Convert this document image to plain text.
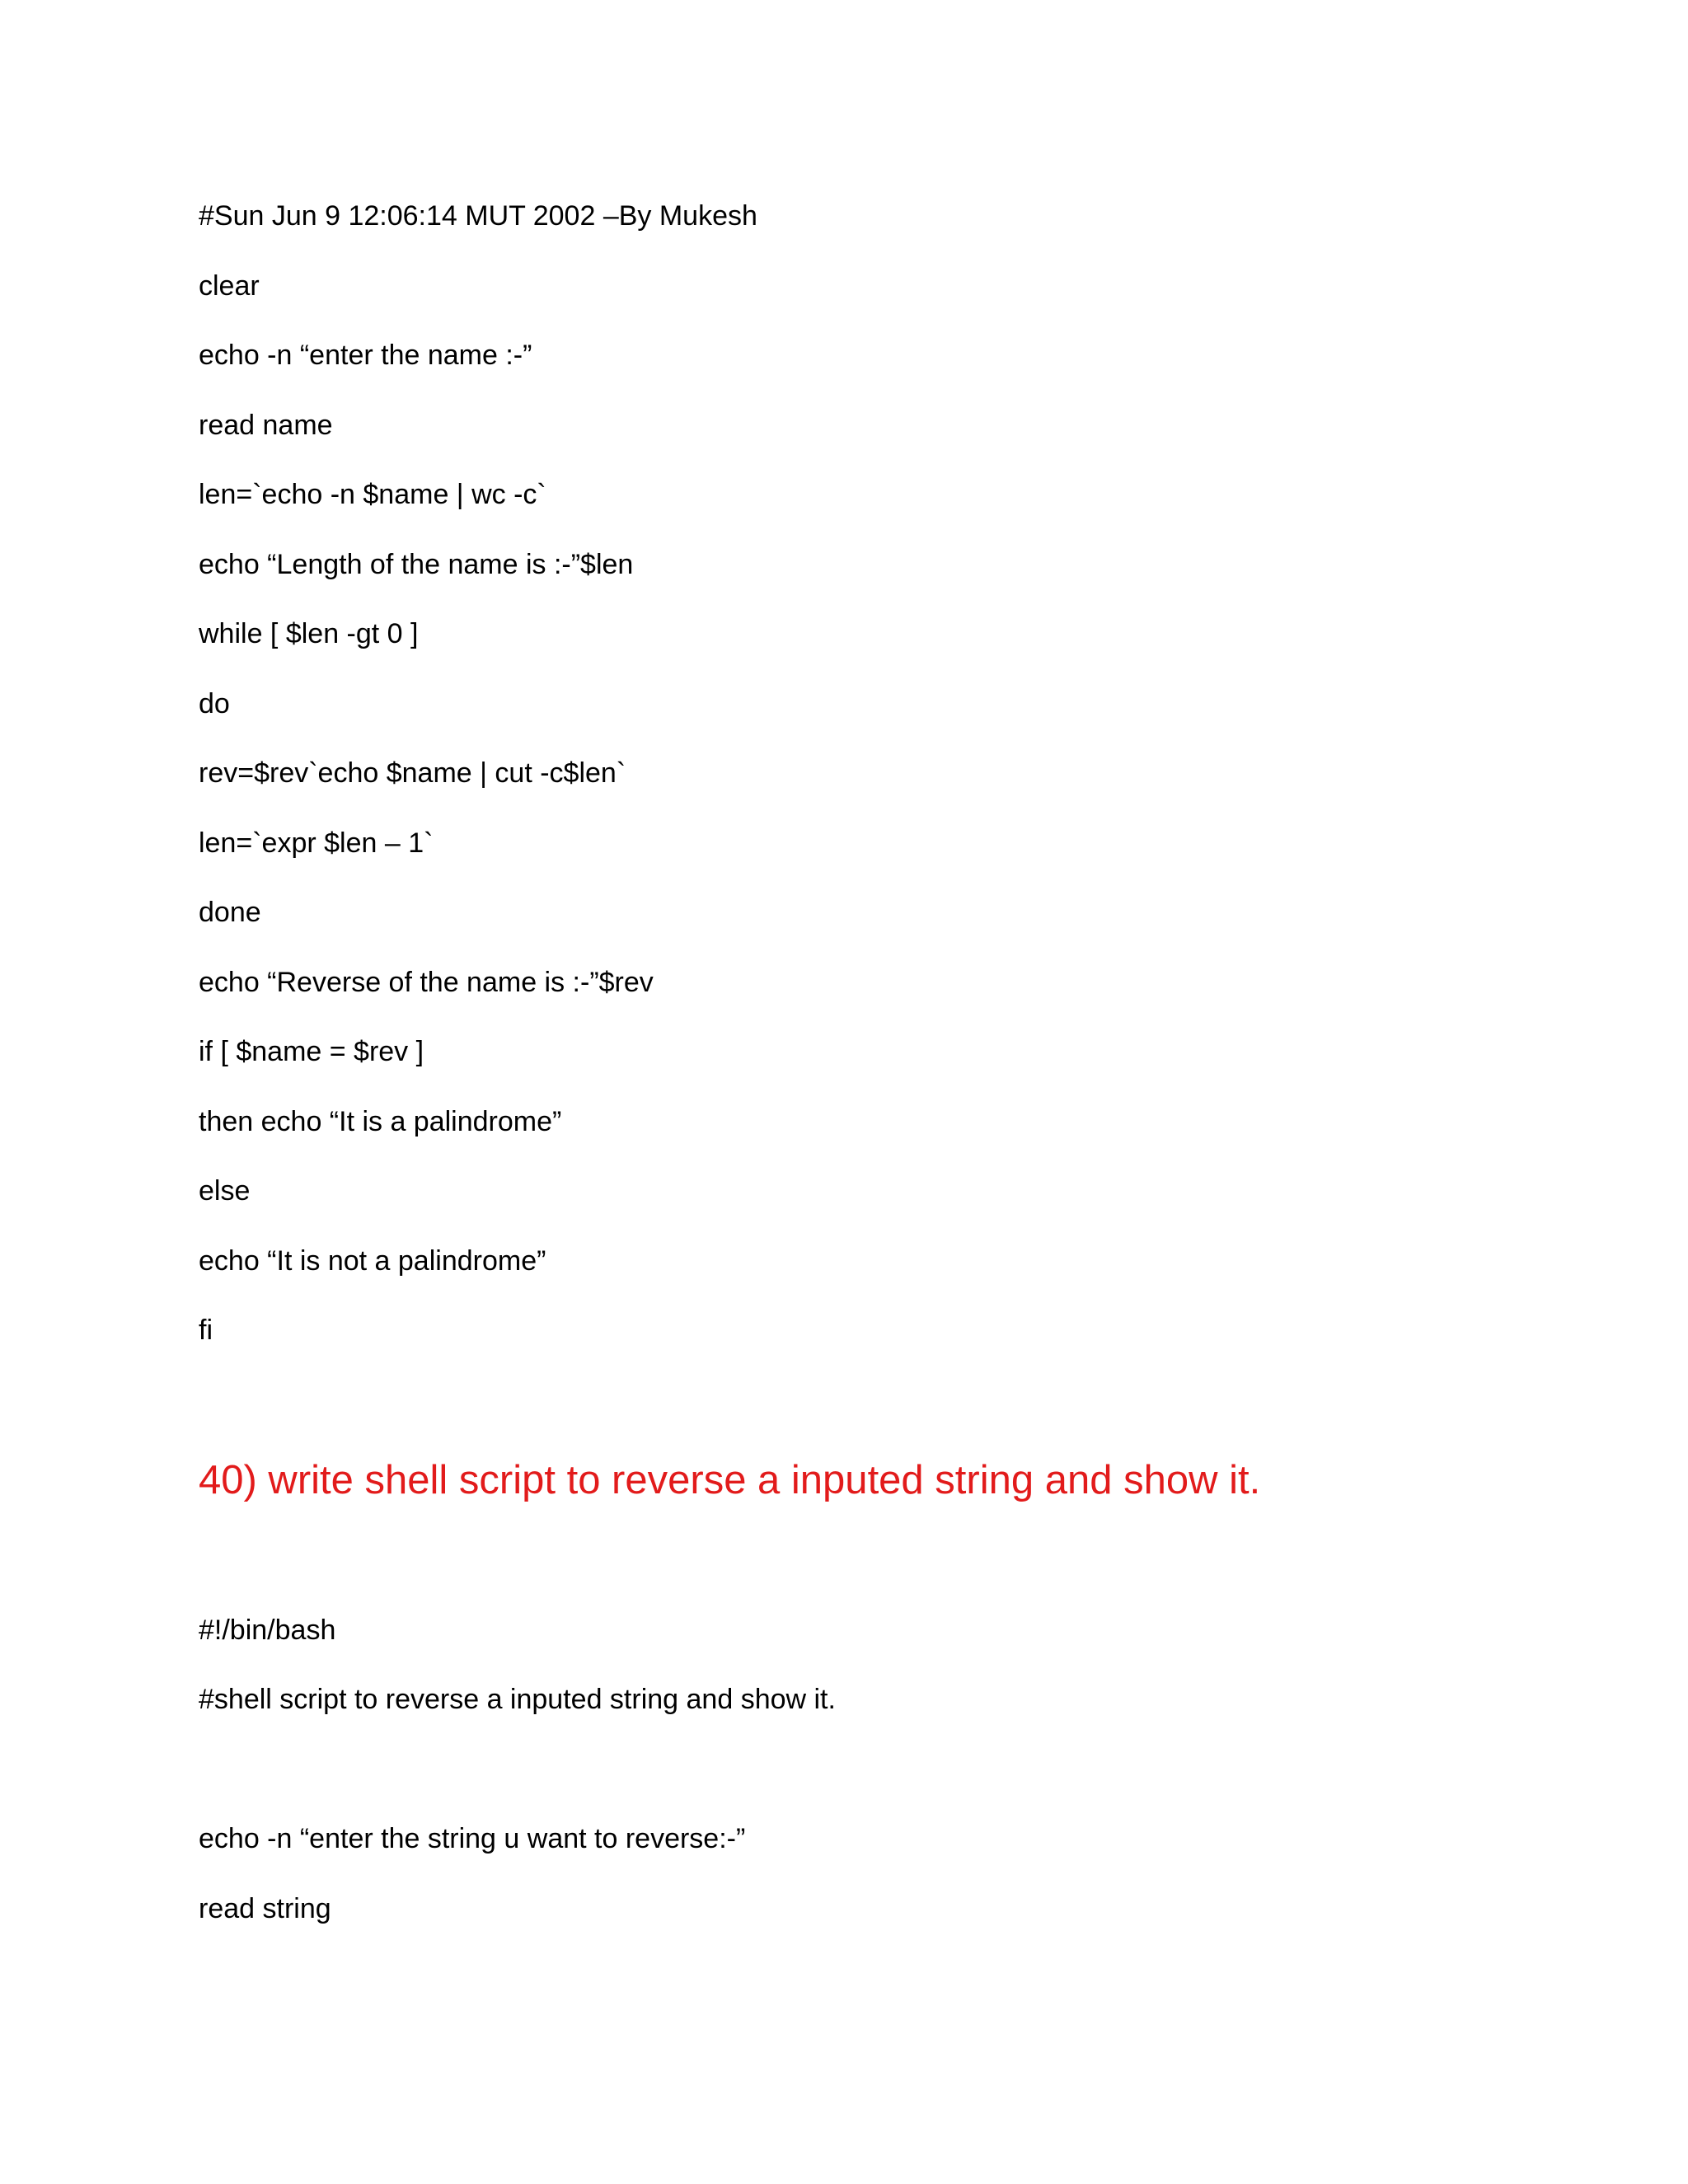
#Sun Jun 9 12:06:14 MUT 2002 –By Mukesh
clear
echo -n “enter the name :-”
read name
len=`echo -n $name | wc -c`
echo “Length of the name is :-”$len
while [ $len -gt 0 ]
do
rev=$rev`echo $name | cut -c$len`
len=`expr $len – 1`
done
echo “Reverse of the name is :-”$rev
if [ $name = $rev ]
then echo “It is a palindrome”
else
echo “It is not a palindrome”
fi
40) write shell script to reverse a inputed string and show it.
#!/bin/bash
#shell script to reverse a inputed string and show it.
echo -n “enter the string u want to reverse:-”
read string
